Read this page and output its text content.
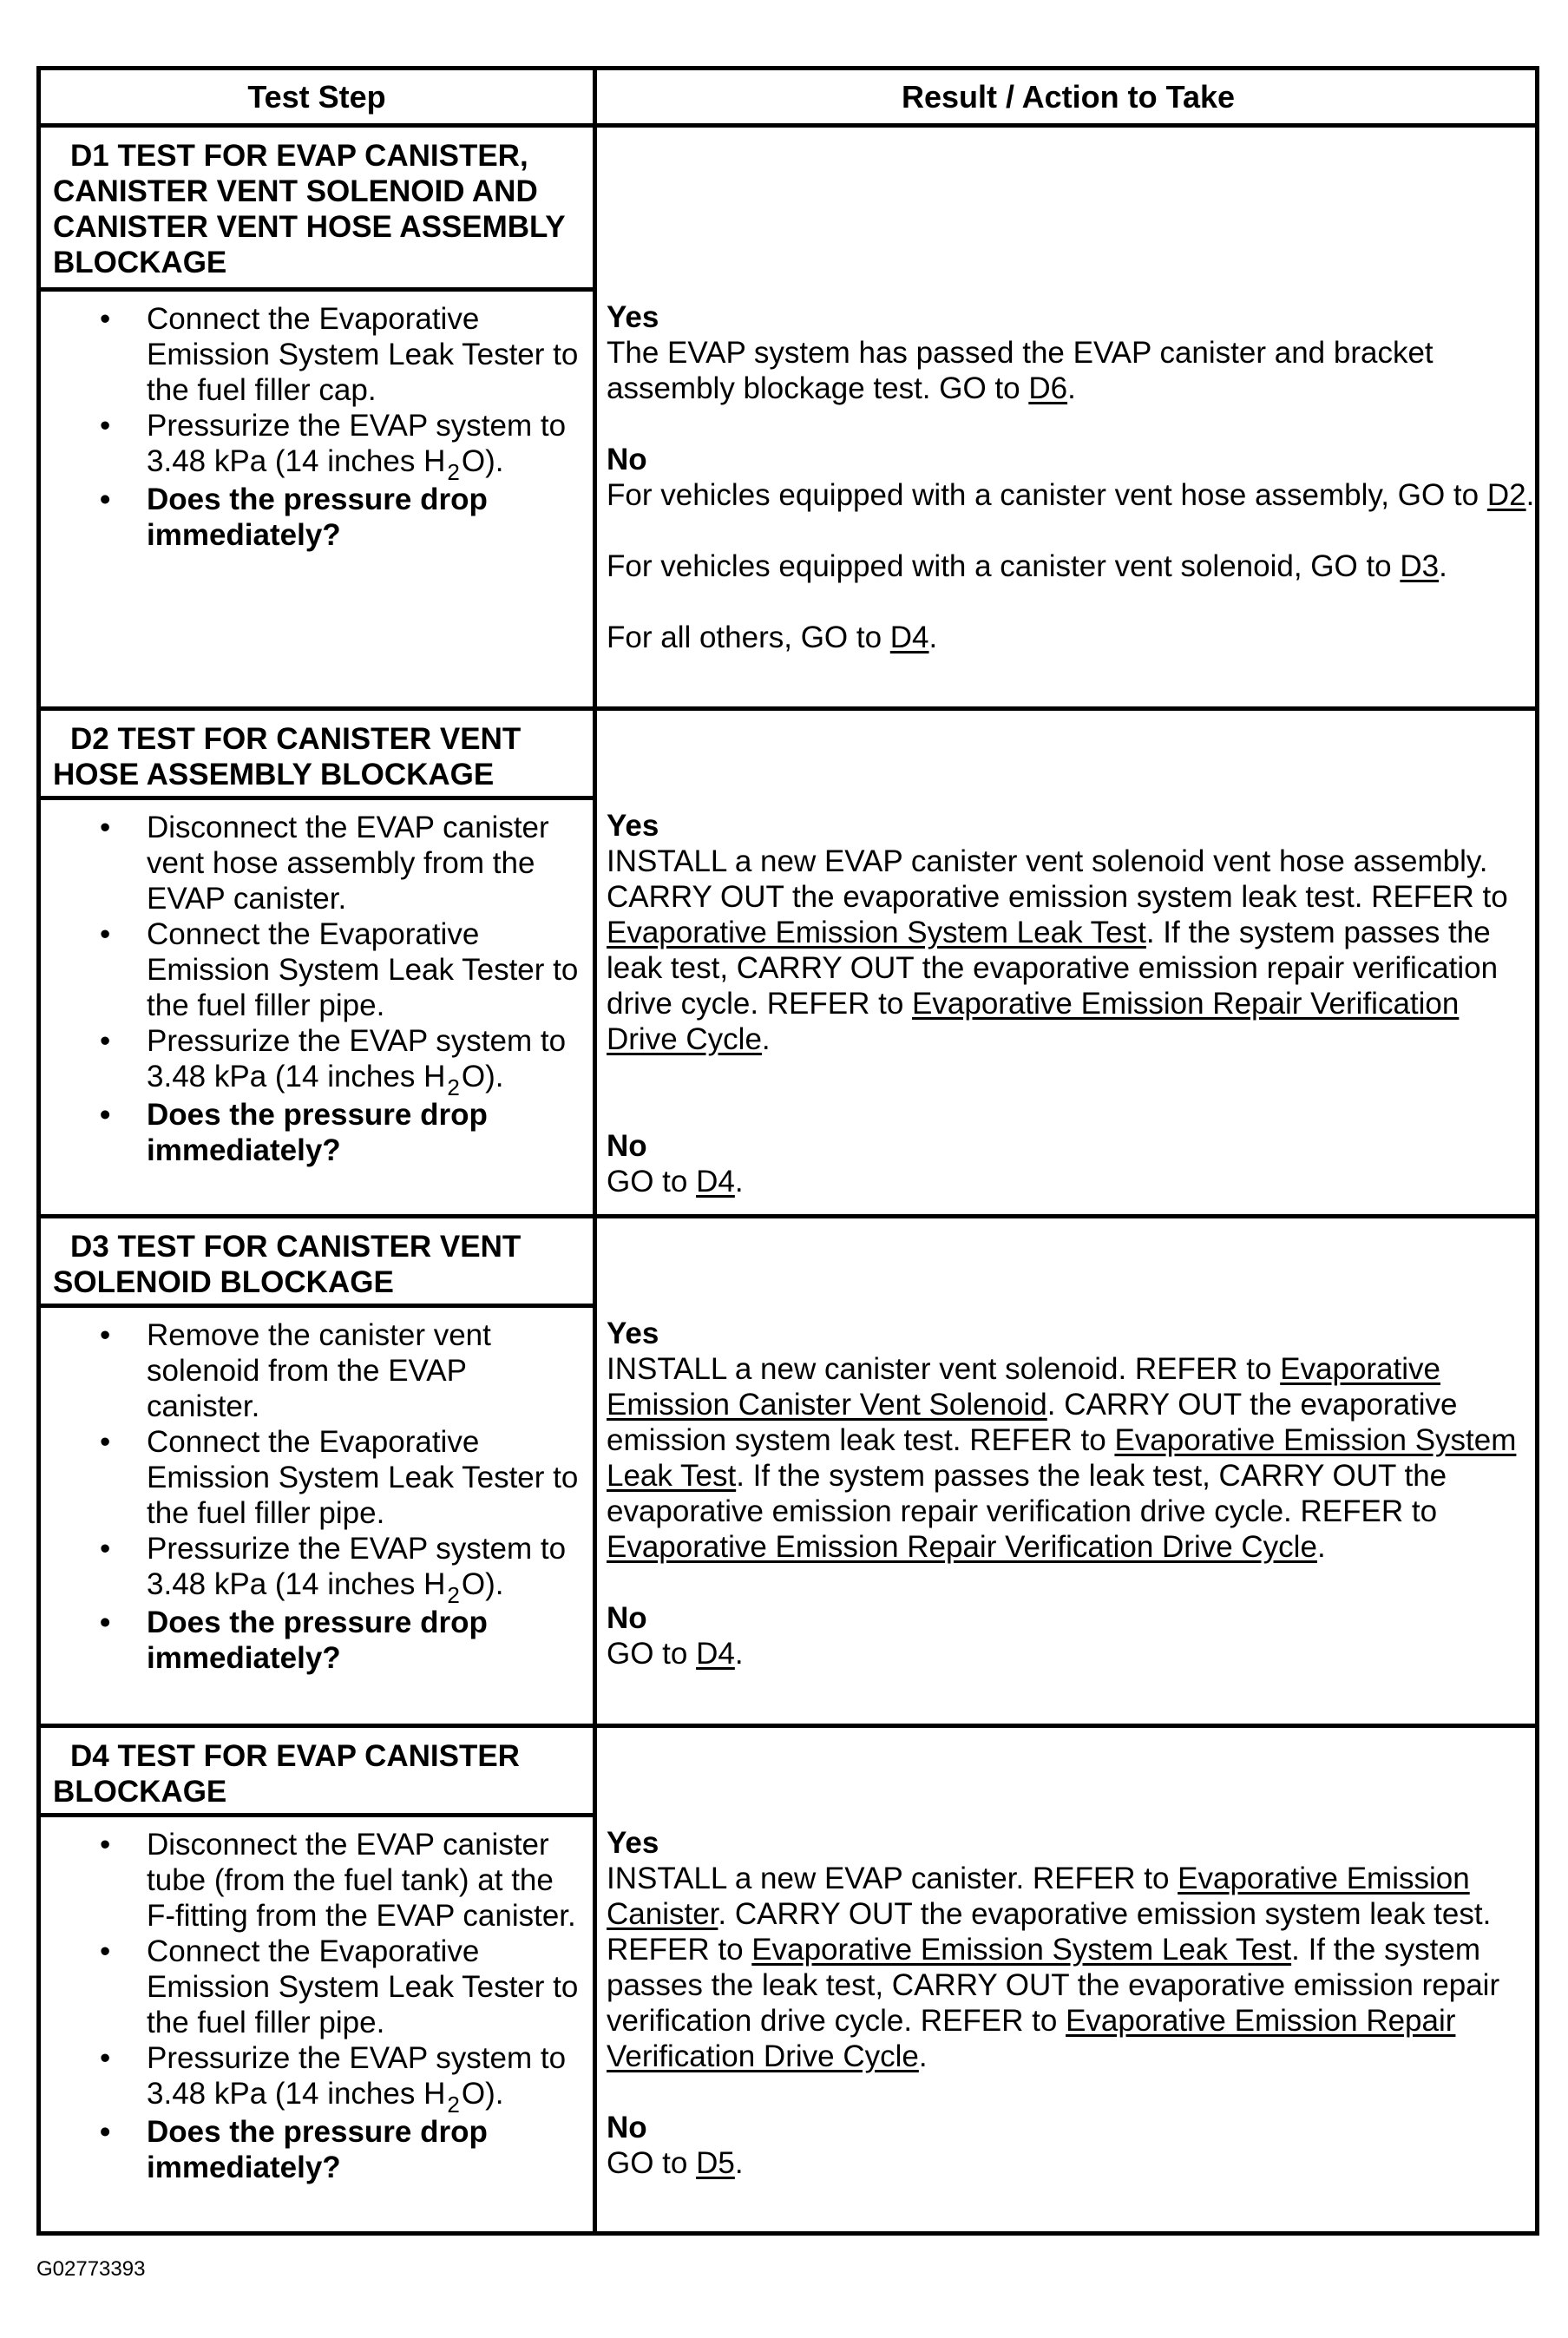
Test Step	Result / Action to Take
D1 TEST FOR EVAP CANISTER, CANISTER VENT SOLENOID AND CANISTER VENT HOSE ASSEMBLY BLOCKAGE
• Connect the Evaporative Emission System Leak Tester to the fuel filler cap.
• Pressurize the EVAP system to 3.48 kPa (14 inches $H_2O$).
• Does the pressure drop immediately?

Yes

The EVAP system has passed the EVAP canister and bracket assembly blockage test. GO to D6.

No

For vehicles equipped with a canister vent hose assembly, GO to D2.

For vehicles equipped with a canister vent solenoid, GO to D3.

For all others, GO to D4.

D2 TEST FOR CANISTER VENT HOSE ASSEMBLY BLOCKAGE
• Disconnect the EVAP canister vent hose assembly from the EVAP canister.
• Connect the Evaporative Emission System Leak Tester to the fuel filler pipe.
• Pressurize the EVAP system to 3.48 kPa (14 inches $H_2O$).
• Does the pressure drop immediately?

Yes

INSTALL a new EVAP canister vent solenoid vent hose assembly. CARRY OUT the evaporative emission system leak test. REFER to Evaporative Emission System Leak Test. If the system passes the leak test, CARRY OUT the evaporative emission repair verification drive cycle. REFER to Evaporative Emission Repair Verification Drive Cycle.

No

GO to D4.

D3 TEST FOR CANISTER VENT SOLENOID BLOCKAGE
• Remove the canister vent solenoid from the EVAP canister.
• Connect the Evaporative Emission System Leak Tester to the fuel filler pipe.
• Pressurize the EVAP system to 3.48 kPa (14 inches $H_2O$).
• Does the pressure drop immediately?

Yes

INSTALL a new canister vent solenoid. REFER to Evaporative Emission Canister Vent Solenoid. CARRY OUT the evaporative emission system leak test. REFER to Evaporative Emission System Leak Test. If the system passes the leak test, CARRY OUT the evaporative emission repair verification drive cycle. REFER to Evaporative Emission Repair Verification Drive Cycle.

No

GO to D4.

D4 TEST FOR EVAP CANISTER BLOCKAGE
• Disconnect the EVAP canister tube (from the fuel tank) at the F-fitting from the EVAP canister.
• Connect the Evaporative Emission System Leak Tester to the fuel filler pipe.
• Pressurize the EVAP system to 3.48 kPa (14 inches $H_2O$).
• Does the pressure drop immediately?

Yes

INSTALL a new EVAP canister. REFER to Evaporative Emission Canister. CARRY OUT the evaporative emission system leak test. REFER to Evaporative Emission System Leak Test. If the system passes the leak test, CARRY OUT the evaporative emission repair verification drive cycle. REFER to Evaporative Emission Repair Verification Drive Cycle.

No

GO to D5.

G02773393
